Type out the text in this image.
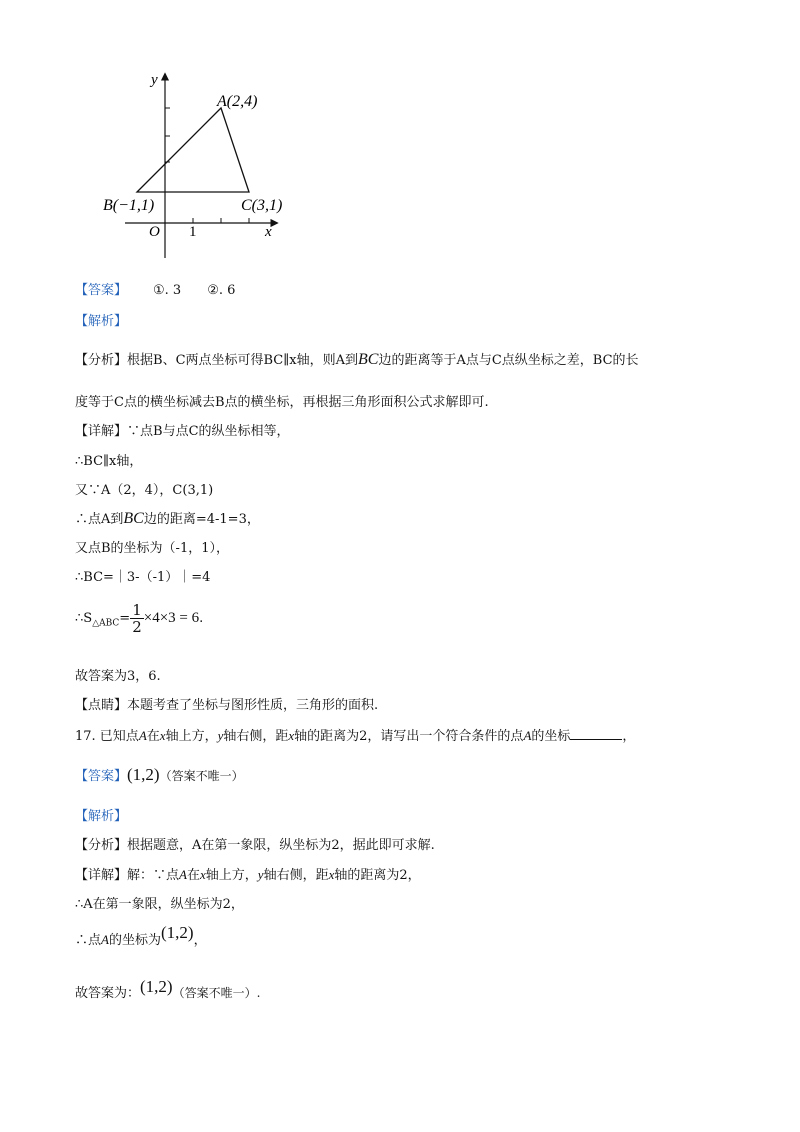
y
x
O 1
A(2,4)
B(−1,1)	C(3,1)
【答案】 ①. 3　　②. 6
【解析】
【分析】根据B、C两点坐标可得BC∥x轴，则A到BC边的距离等于A点与C点纵坐标之差，BC的长
度等于C点的横坐标减去B点的横坐标，再根据三角形面积公式求解即可.
【详解】∵点B与点C的纵坐标相等，
∴BC∥x轴，
又∵A（2，4），C(3,1)
∴点A到BC边的距离=4-1=3，
又点B的坐标为（-1，1），
∴BC=｜3-（-1）｜=4
$\therefore S_{\triangle ABC}= \frac{1}{2} \times 4\times 3 = 6$.
故答案为3，6.
【点睛】本题考查了坐标与图形性质，三角形的面积.
17. 已知点A在x轴上方，y轴右侧，距x轴的距离为2，请写出一个符合条件的点A的坐标	，
【答案】(1,2)（答案不唯一）
【解析】
【分析】根据题意，A在第一象限，纵坐标为2，据此即可求解.
【详解】解：∵点A在x轴上方，y轴右侧，距x轴的距离为2，
∴A在第一象限，纵坐标为2，
∴点A的坐标为(1,2)，
故答案为：(1,2)（答案不唯一）.
